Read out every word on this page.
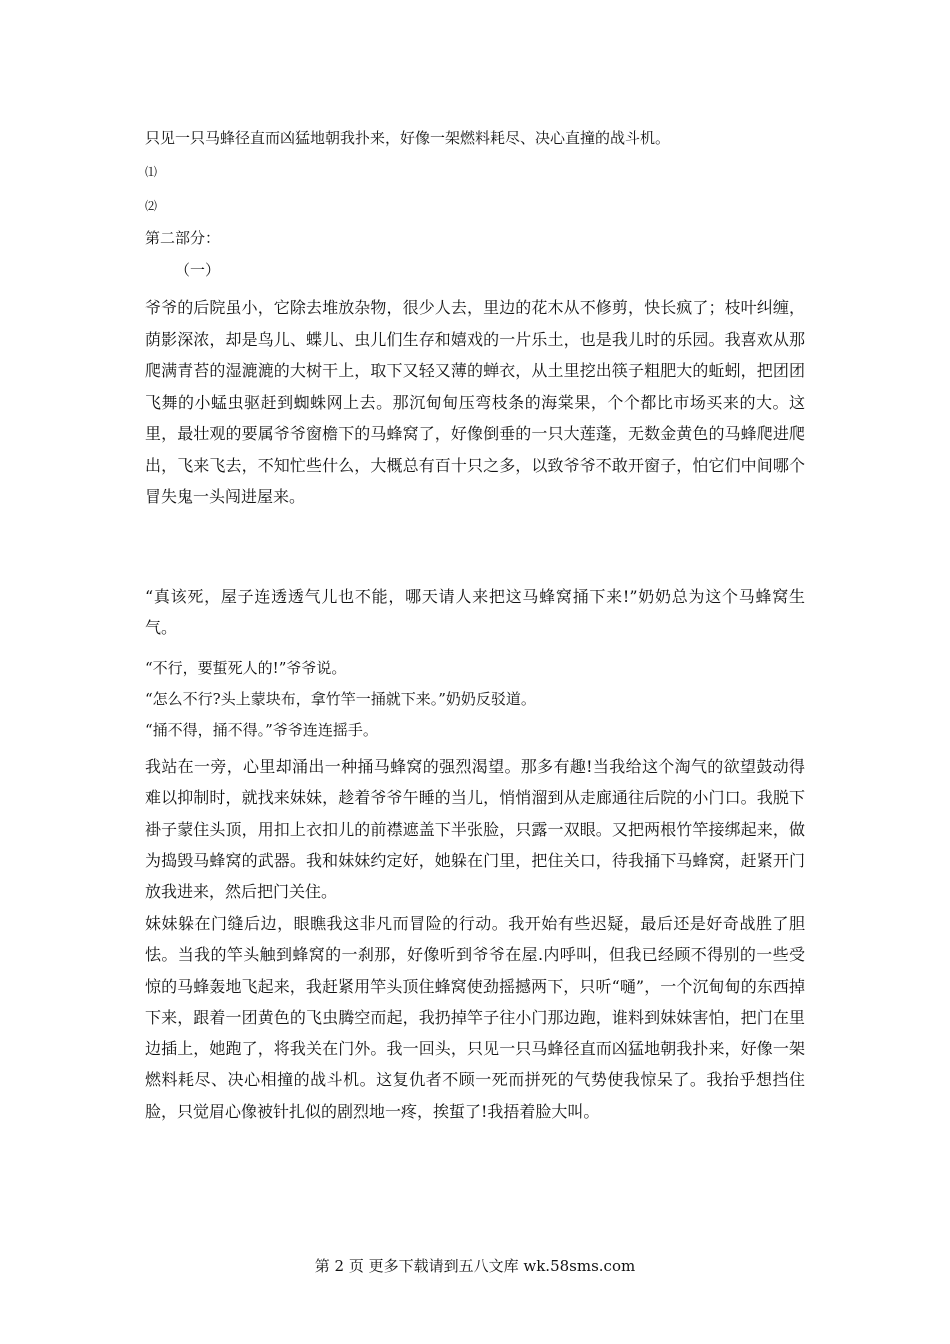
只见一只马蜂径直而凶猛地朝我扑来，好像一架燃料耗尽、决心直撞的战斗机。
⑴
⑵
第二部分：
（一）
爷爷的后院虽小，它除去堆放杂物，很少人去，里边的花木从不修剪，快长疯了；枝叶纠缠，荫影深浓，却是鸟儿、蝶儿、虫儿们生存和嬉戏的一片乐土，也是我儿时的乐园。我喜欢从那爬满青苔的湿漉漉的大树干上，取下又轻又薄的蝉衣，从土里挖出筷子粗肥大的蚯蚓，把团团飞舞的小蜢虫驱赶到蜘蛛网上去。那沉甸甸压弯枝条的海棠果，个个都比市场买来的大。这里，最壮观的要属爷爷窗檐下的马蜂窝了，好像倒垂的一只大莲蓬，无数金黄色的马蜂爬进爬出，飞来飞去，不知忙些什么，大概总有百十只之多，以致爷爷不敢开窗子，怕它们中间哪个冒失鬼一头闯进屋来。
“真该死，屋子连透透气儿也不能，哪天请人来把这马蜂窝捅下来!”奶奶总为这个马蜂窝生气。
“不行，要蜇死人的!”爷爷说。
“怎么不行?头上蒙块布，拿竹竿一捅就下来。”奶奶反驳道。
“捅不得，捅不得。”爷爷连连摇手。
我站在一旁，心里却涌出一种捅马蜂窝的强烈渴望。那多有趣!当我给这个淘气的欲望鼓动得难以抑制时，就找来妹妹，趁着爷爷午睡的当儿，悄悄溜到从走廊通往后院的小门口。我脱下褂子蒙住头顶，用扣上衣扣儿的前襟遮盖下半张脸，只露一双眼。又把两根竹竿接绑起来，做为捣毁马蜂窝的武器。我和妹妹约定好，她躲在门里，把住关口，待我捅下马蜂窝，赶紧开门放我进来，然后把门关住。
妹妹躲在门缝后边，眼瞧我这非凡而冒险的行动。我开始有些迟疑，最后还是好奇战胜了胆怯。当我的竿头触到蜂窝的一刹那，好像听到爷爷在屋.内呼叫，但我已经顾不得别的一些受惊的马蜂轰地飞起来，我赶紧用竿头顶住蜂窝使劲摇撼两下，只听“嗵”，一个沉甸甸的东西掉下来，跟着一团黄色的飞虫腾空而起，我扔掉竿子往小门那边跑，谁料到妹妹害怕，把门在里边插上，她跑了，将我关在门外。我一回头，只见一只马蜂径直而凶猛地朝我扑来，好像一架燃料耗尽、决心相撞的战斗机。这复仇者不顾一死而拼死的气势使我惊呆了。我抬乎想挡住脸，只觉眉心像被针扎似的剧烈地一疼，挨蜇了!我捂着脸大叫。
第 2 页 更多下载请到五八文库 wk.58sms.com
